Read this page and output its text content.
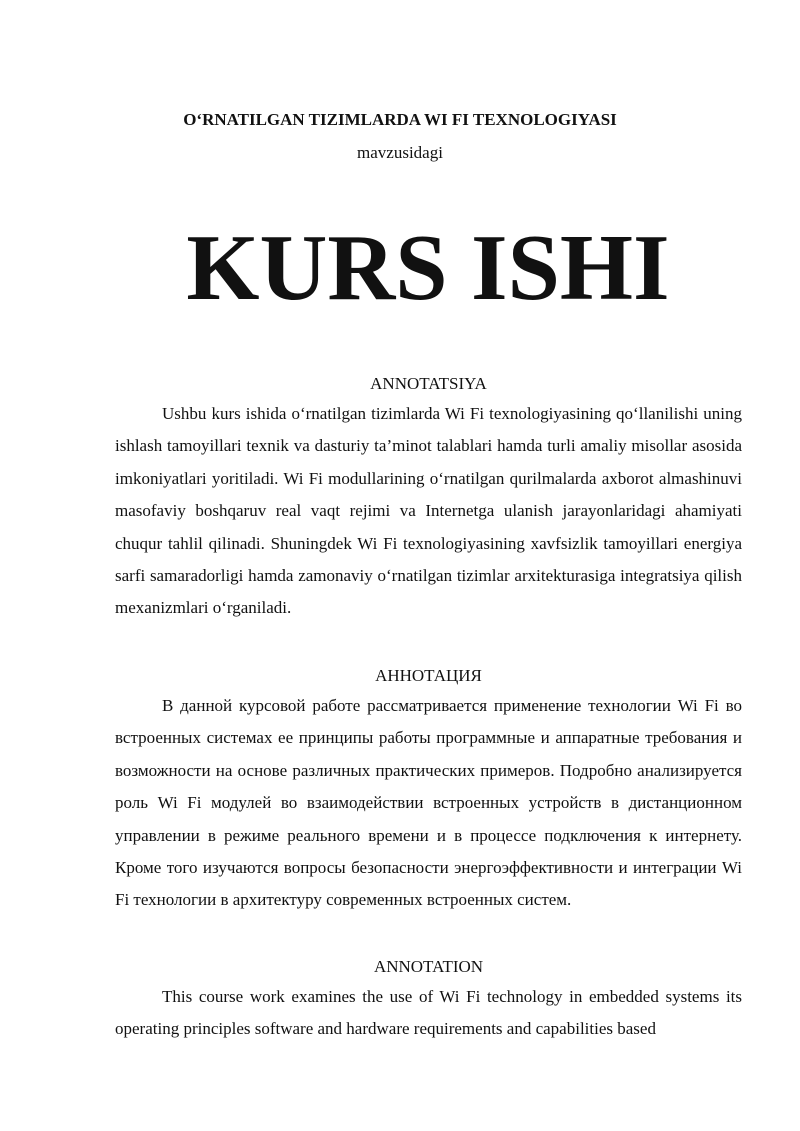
O‘RNATILGAN TIZIMLARDA WI FI TEXNOLOGIYASI

mavzusidagi

KURS ISHI

ANNOTATSIYA

Ushbu kurs ishida o‘rnatilgan tizimlarda Wi Fi texnologiyasining qo‘llanilishi uning ishlash tamoyillari texnik va dasturiy ta’minot talablari hamda turli amaliy misollar asosida imkoniyatlari yoritiladi. Wi Fi modullarining o‘rnatilgan qurilmalarda axborot almashinuvi masofaviy boshqaruv real vaqt rejimi va Internetga ulanish jarayonlaridagi ahamiyati chuqur tahlil qilinadi. Shuningdek Wi Fi texnologiyasining xavfsizlik tamoyillari energiya sarfi samaradorligi hamda zamonaviy o‘rnatilgan tizimlar arxitekturasiga integratsiya qilish mexanizmlari o‘rganiladi.

АННОТАЦИЯ

В данной курсовой работе рассматривается применение технологии Wi Fi во встроенных системах ее принципы работы программные и аппаратные требования и возможности на основе различных практических примеров. Подробно анализируется роль Wi Fi модулей во взаимодействии встроенных устройств в дистанционном управлении в режиме реального времени и в процессе подключения к интернету. Кроме того изучаются вопросы безопасности энергоэффективности и интеграции Wi Fi технологии в архитектуру современных встроенных систем.

ANNOTATION

This course work examines the use of Wi Fi technology in embedded systems its operating principles software and hardware requirements and capabilities based
